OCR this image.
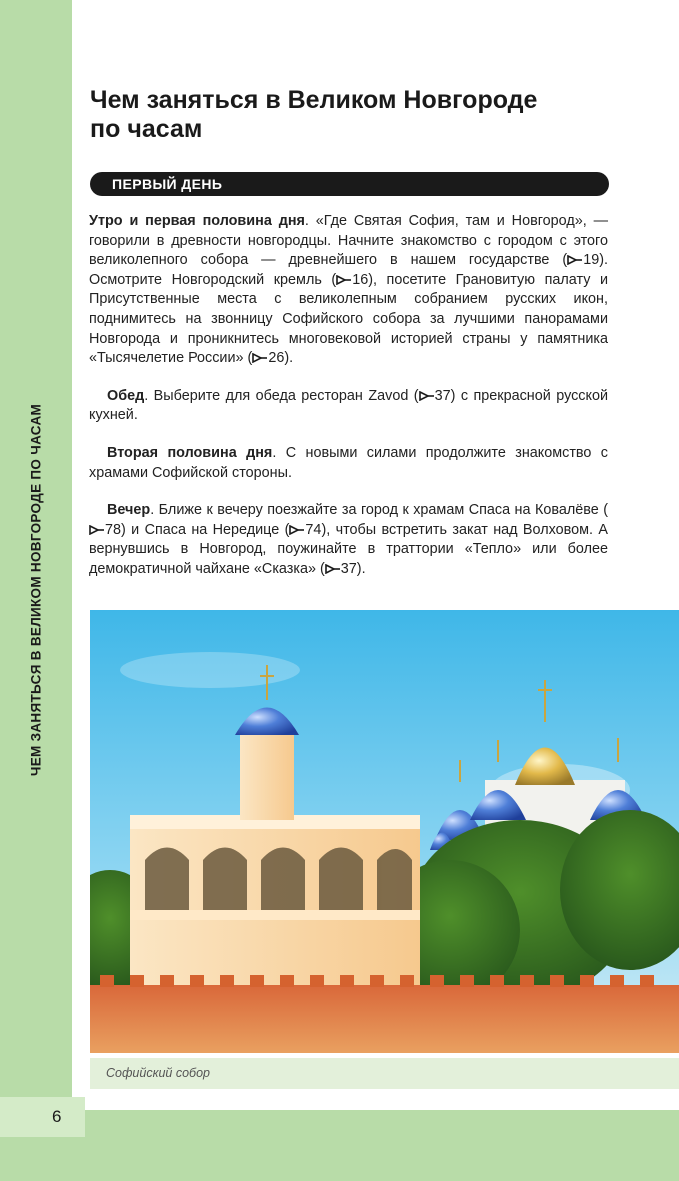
ЧЕМ ЗАНЯТЬСЯ В ВЕЛИКОМ НОВГОРОДЕ ПО ЧАСАМ
Чем заняться в Великом Новгороде
по часам
ПЕРВЫЙ ДЕНЬ

Утро и первая половина дня. «Где Святая София, там и Новгород», — говорили в древности новгородцы. Начните знакомство с городом с этого великолепного собора — древнейшего в нашем государстве ( 19). Осмотрите Новгородский кремль ( 16), посетите Грановитую палату и Присутственные места с великолепным собранием русских икон, поднимитесь на звонницу Софийского собора за лучшими панорамами Новгорода и проникнитесь многовековой историей страны у памятника «Тысячелетие России» ( 26).

Обед. Выберите для обеда ресторан Zavod ( 37) с прекрасной русской кухней.

Вторая половина дня. С новыми силами продолжите знакомство с храмами Софийской стороны.

Вечер. Ближе к вечеру поезжайте за город к храмам Спаса на Ковалёве (78) и Спаса на Нередице ( 74), чтобы встретить закат над Волховом. А вернувшись в Новгород, поужинайте в траттории «Тепло» или более демократичной чайхане «Сказка» ( 37).

Софийский собор
6
